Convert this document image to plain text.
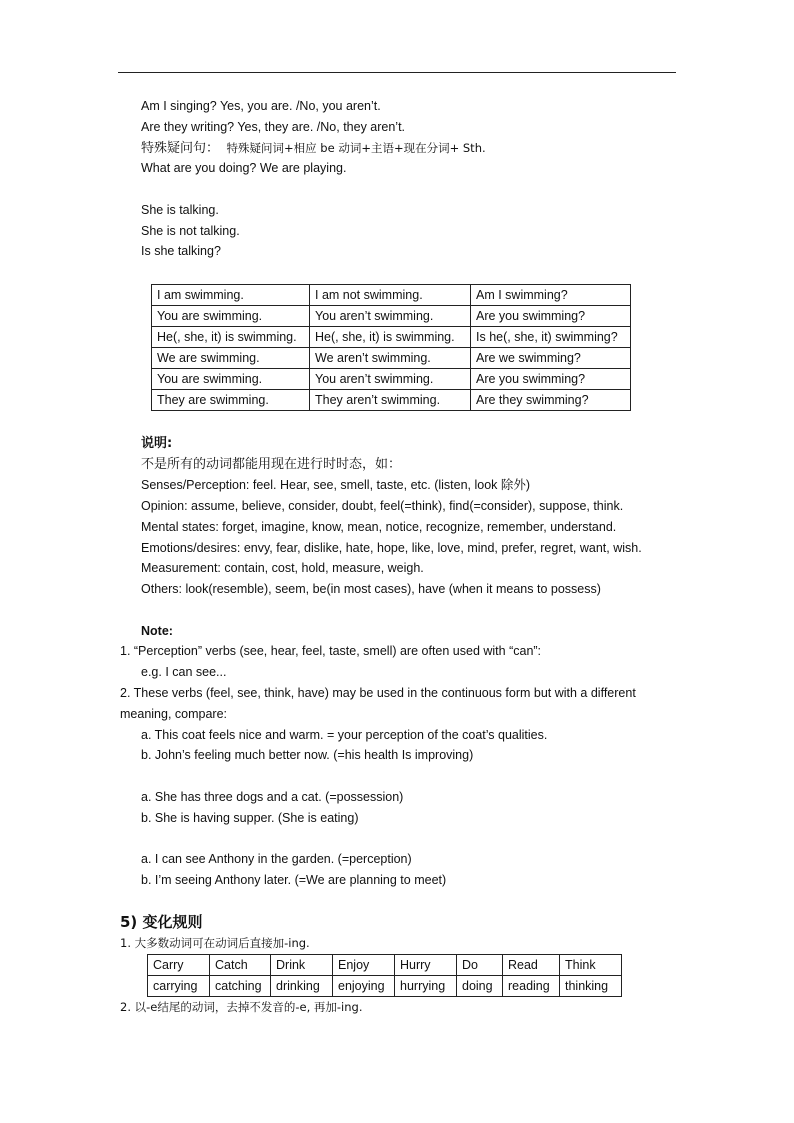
Am I singing? Yes, you are. /No, you aren’t.
Are they writing? Yes, they are. /No, they aren’t.
特殊疑问句： 特殊疑问词+相应 be 动词+主语+现在分词+ Sth.
What are you doing? We are playing.
She is talking.
She is not talking.
Is she talking?
I am swimming.	I am not swimming.	Am I swimming?
You are swimming.	You aren’t swimming.	Are you swimming?
He(, she, it) is swimming.	He(, she, it) is swimming.	Is he(, she, it) swimming?
We are swimming.	We aren’t swimming.	Are we swimming?
You are swimming.	You aren’t swimming.	Are you swimming?
They are swimming.	They aren’t swimming.	Are they swimming?
说明:
不是所有的动词都能用现在进行时时态，如：
Senses/Perception: feel. Hear, see, smell, taste, etc. (listen, look 除外)
Opinion: assume, believe, consider, doubt, feel(=think), find(=consider), suppose, think.
Mental states: forget, imagine, know, mean, notice, recognize, remember, understand.
Emotions/desires: envy, fear, dislike, hate, hope, like, love, mind, prefer, regret, want, wish.
Measurement: contain, cost, hold, measure, weigh.
Others: look(resemble), seem, be(in most cases), have (when it means to possess)
Note:
1. “Perception” verbs (see, hear, feel, taste, smell) are often used with “can”:
e.g. I can see...
2. These verbs (feel, see, think, have) may be used in the continuous form but with a different
meaning, compare:
a. This coat feels nice and warm. = your perception of the coat’s qualities.
b. John’s feeling much better now. (=his health Is improving)
a. She has three dogs and a cat. (=possession)
b. She is having supper. (She is eating)
a. I can see Anthony in the garden. (=perception)
b. I’m seeing Anthony later. (=We are planning to meet)
5) 变化规则
1. 大多数动词可在动词后直接加-ing.
Carry	Catch	Drink	Enjoy	Hurry	Do	Read	Think
carrying	catching	drinking	enjoying	hurrying	doing	reading	thinking
2. 以-e结尾的动词，去掉不发音的-e, 再加-ing.
